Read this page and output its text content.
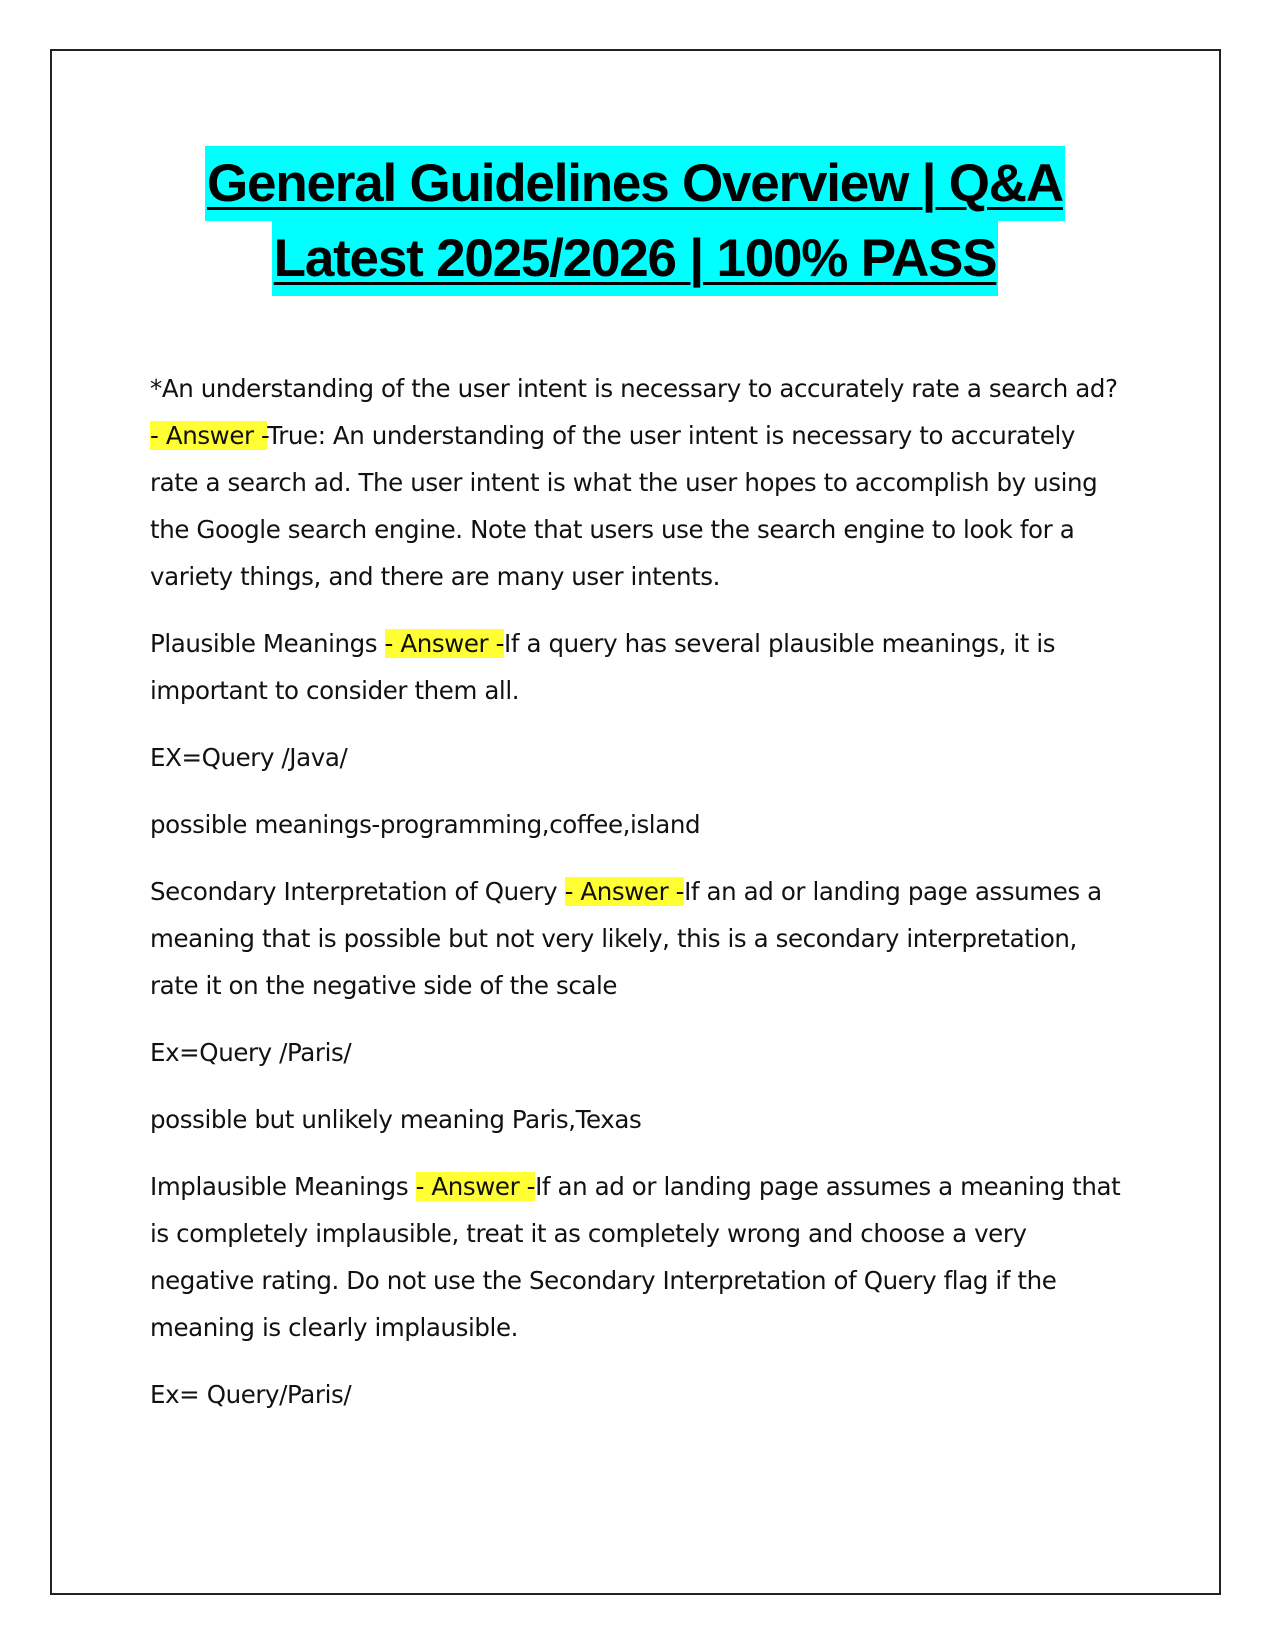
General Guidelines Overview | Q&A
Latest 2025/2026 | 100% PASS

*An understanding of the user intent is necessary to accurately rate a search ad? - Answer -True: An understanding of the user intent is necessary to accurately rate a search ad. The user intent is what the user hopes to accomplish by using the Google search engine. Note that users use the search engine to look for a variety things, and there are many user intents.

Plausible Meanings - Answer -If a query has several plausible meanings, it is important to consider them all.

EX=Query /Java/

possible meanings-programming,coffee,island

Secondary Interpretation of Query - Answer -If an ad or landing page assumes a meaning that is possible but not very likely, this is a secondary interpretation, rate it on the negative side of the scale

Ex=Query /Paris/

possible but unlikely meaning Paris,Texas

Implausible Meanings - Answer -If an ad or landing page assumes a meaning that is completely implausible, treat it as completely wrong and choose a very negative rating. Do not use the Secondary Interpretation of Query flag if the meaning is clearly implausible.

Ex= Query/Paris/
